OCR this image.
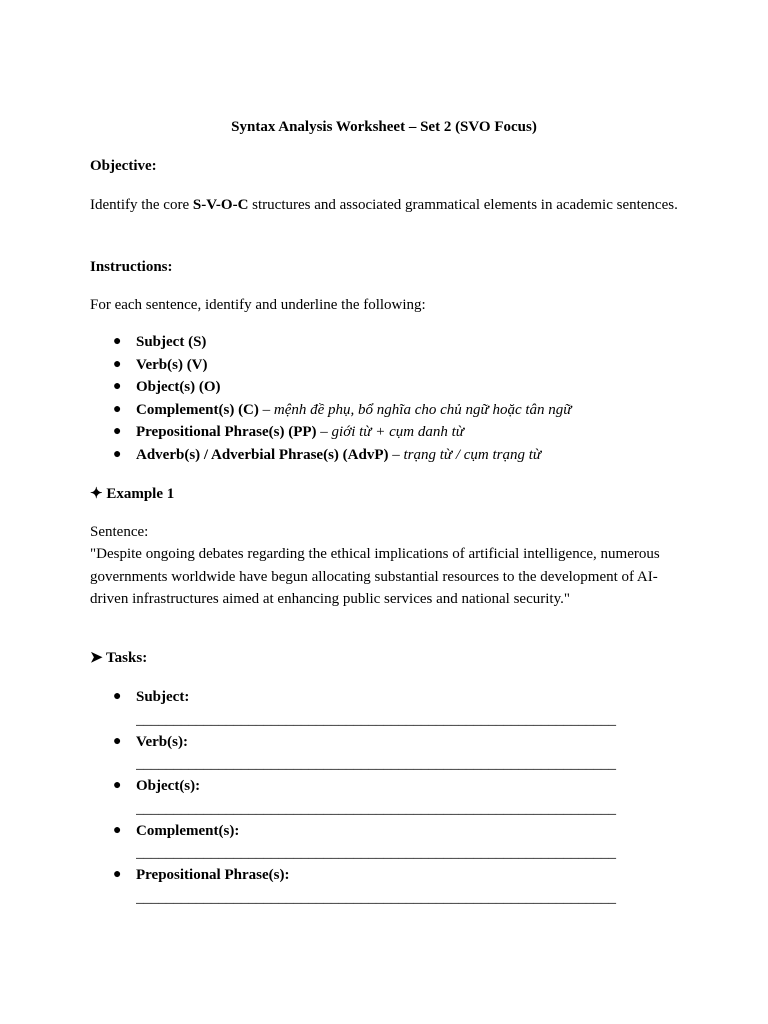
Syntax Analysis Worksheet – Set 2 (SVO Focus)
Objective:
Identify the core S-V-O-C structures and associated grammatical elements in academic sentences.
Instructions:
For each sentence, identify and underline the following:
● Subject (S)
● Verb(s) (V)
● Object(s) (O)
● Complement(s) (C) – mệnh đề phụ, bổ nghĩa cho chủ ngữ hoặc tân ngữ
● Prepositional Phrase(s) (PP) – giới từ + cụm danh từ
● Adverb(s) / Adverbial Phrase(s) (AdvP) – trạng từ / cụm trạng từ
✦ Example 1
Sentence:
"Despite ongoing debates regarding the ethical implications of artificial intelligence, numerous governments worldwide have begun allocating substantial resources to the development of AI-driven infrastructures aimed at enhancing public services and national security."
➤ Tasks:
● Subject:
________________________________________________________________
● Verb(s):
________________________________________________________________
● Object(s):
________________________________________________________________
● Complement(s):
________________________________________________________________
● Prepositional Phrase(s):
________________________________________________________________
